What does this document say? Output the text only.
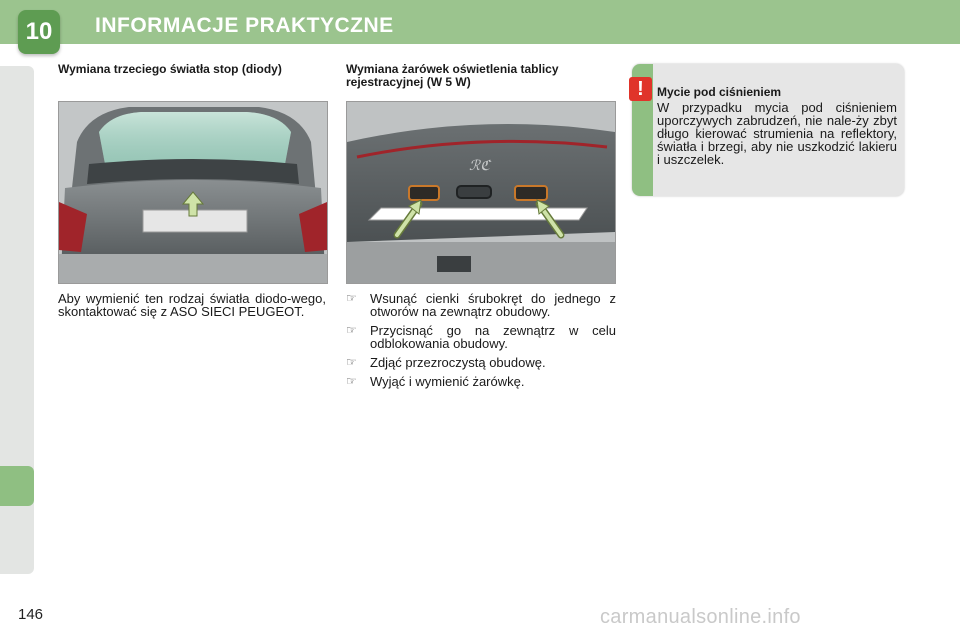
10	INFORMACJE PRAKTYCZNE
Wymiana trzeciego światła stop (diody)
Aby wymienić ten rodzaj światła diodo-wego, skontaktować się z ASO SIECI PEUGEOT.
Wymiana żarówek oświetlenia tablicy rejestracyjnej (W 5 W)
ℛℭ
☞ Wsunąć cienki śrubokręt do jednego z otworów na zewnątrz obudowy.
☞ Przycisnąć go na zewnątrz w celu odblokowania obudowy.
☞ Zdjąć przezroczystą obudowę.
☞ Wyjąć i wymienić żarówkę.
!	Mycie pod ciśnieniem
W przypadku mycia pod ciśnieniem uporczywych zabrudzeń, nie nale-ży zbyt długo kierować strumienia na reflektory, światła i brzegi, aby nie uszkodzić lakieru i uszczelek.
146	carmanualsonline.info
